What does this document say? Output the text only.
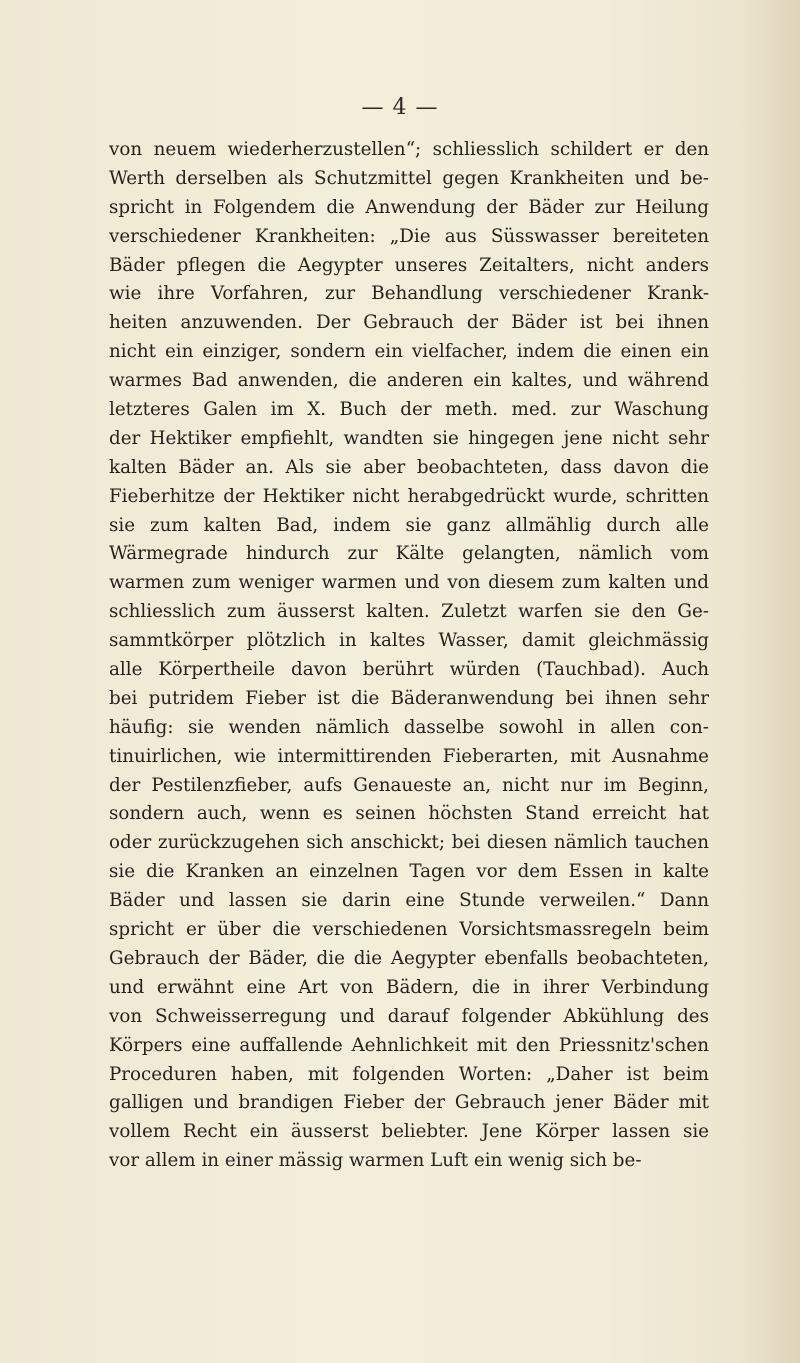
— 4 —
von neuem wiederherzustellen“; schliesslich schildert er den
Werth derselben als Schutzmittel gegen Krankheiten und be-
spricht in Folgendem die Anwendung der Bäder zur Heilung
verschiedener Krankheiten: „Die aus Süsswasser bereiteten
Bäder pflegen die Aegypter unseres Zeitalters, nicht anders
wie ihre Vorfahren, zur Behandlung verschiedener Krank-
heiten anzuwenden. Der Gebrauch der Bäder ist bei ihnen
nicht ein einziger, sondern ein vielfacher, indem die einen ein
warmes Bad anwenden, die anderen ein kaltes, und während
letzteres Galen im X. Buch der meth. med. zur Waschung
der Hektiker empfiehlt, wandten sie hingegen jene nicht sehr
kalten Bäder an. Als sie aber beobachteten, dass davon die
Fieberhitze der Hektiker nicht herabgedrückt wurde, schritten
sie zum kalten Bad, indem sie ganz allmählig durch alle
Wärmegrade hindurch zur Kälte gelangten, nämlich vom
warmen zum weniger warmen und von diesem zum kalten und
schliesslich zum äusserst kalten. Zuletzt warfen sie den Ge-
sammtkörper plötzlich in kaltes Wasser, damit gleichmässig
alle Körpertheile davon berührt würden (Tauchbad). Auch
bei putridem Fieber ist die Bäderanwendung bei ihnen sehr
häufig: sie wenden nämlich dasselbe sowohl in allen con-
tinuirlichen, wie intermittirenden Fieberarten, mit Ausnahme
der Pestilenzfieber, aufs Genaueste an, nicht nur im Beginn,
sondern auch, wenn es seinen höchsten Stand erreicht hat
oder zurückzugehen sich anschickt; bei diesen nämlich tauchen
sie die Kranken an einzelnen Tagen vor dem Essen in kalte
Bäder und lassen sie darin eine Stunde verweilen.“ Dann
spricht er über die verschiedenen Vorsichtsmassregeln beim
Gebrauch der Bäder, die die Aegypter ebenfalls beobachteten,
und erwähnt eine Art von Bädern, die in ihrer Verbindung
von Schweisserregung und darauf folgender Abkühlung des
Körpers eine auffallende Aehnlichkeit mit den Priessnitz'schen
Proceduren haben, mit folgenden Worten: „Daher ist beim
galligen und brandigen Fieber der Gebrauch jener Bäder mit
vollem Recht ein äusserst beliebter. Jene Körper lassen sie
vor allem in einer mässig warmen Luft ein wenig sich be-
